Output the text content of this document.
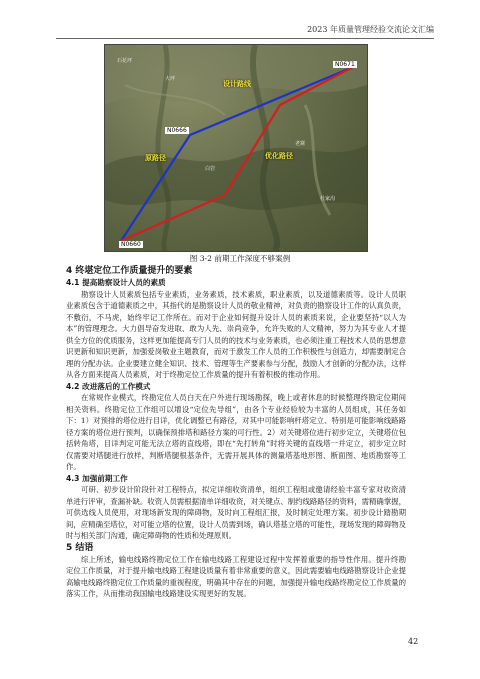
2023 年质量管理经验交流论文汇编
石花坪
大坪
老寨
白岩
杜家沟
设计路线
原路径	优化路径
N0671
N0666
N0660
图 3-2 前期工作深度不够案例

4 终堪定位工作质量提升的要素

4.1 提高勘察设计人员的素质

勘察设计人员素质包括专业素质，业务素质，技术素质，职业素质，以及道德素质等。设计人员职业素质包含于道德素质之中，其指代的是勘察设计人员的敬业精神，对负责的勘察设计工作的认真负责，不敷衍，不马虎，始终牢记工作所在。而对于企业如何提升设计人员的素质来说，企业要坚持“以人为本”的管理理念。大力倡导奋发进取、敢为人先、崇尚竞争，允许失败的人文精神，努力为其专业人才提供全方位的优质服务，这样更加能提高专门人员的的技术与业务素质，也必须注重工程技术人员的思想意识更新和知识更新，加强爱岗敬业主题教育，而对于激发工作人员的工作积极性与创造力，却需要制定合理的分配办法。企业要建立健全知识、技术、管理等生产要素参与分配，鼓励人才创新的分配办法，这样从各方面来提高人员素质，对于终勘定位工作质量的提升有着积极的推动作用。

4.2 改进落后的工作模式

在常规作业模式，终勘定位人员白天在户外进行现场勘探，晚上或者休息的时候整理终勘定位期间相关资料。终勘定位工作组可以增设“定位先导组”，由各个专业经验较为丰富的人员组成，其任务如下：1）对预排的塔位进行目详，优化调整已有路径，对其中可能影响杆塔定立、特别是可能影响线路路径方案的塔位进行预判，以确保预排塔和路径方案的可行性。2）对关键塔位进行初步定立，关键塔位包括转角塔，目详判定可能无法立塔的直线塔，即在“先打转角”时将关键的直线塔一并定立，初步定立时仅需要对塔腿进行放样，判断塔腿根基条件，无需开展具体的测量塔基地形图、断面图、地质勘察等工作。

4.3 加强前期工作

可研、初步设计阶段针对工程特点，拟定详细收资清单，组织工程组或邀请经验丰富专家对收资清单进行评审，查漏补缺。收资人员需根据清单详细收资，对关键点、制约线路路径的资料，需精确掌握，可供选线人员使用，对现场新发现的障碍物，及时向工程组汇报，及时制定处理方案。初步设计踏勘期间，应精确至塔位，对可能立塔的位置，设计人员需到场，确认塔基立塔的可能性，现场发现的障碍物及时与相关部门沟通，确定障碍物的性质和处理原则。

5 结语

综上所述，输电线路终勘定位工作在输电线路工程建设过程中发挥着重要的指导性作用。提升终勘定位工作质量，对于提升输电线路工程建设质量有着非常重要的意义，因此需要输电线路勘察设计企业提高输电线路终勘定位工作质量的重视程度，明确其中存在的问题，加强提升输电线路终勘定位工作质量的落实工作，从而推动我国输电线路建设实现更好的发展。

42
